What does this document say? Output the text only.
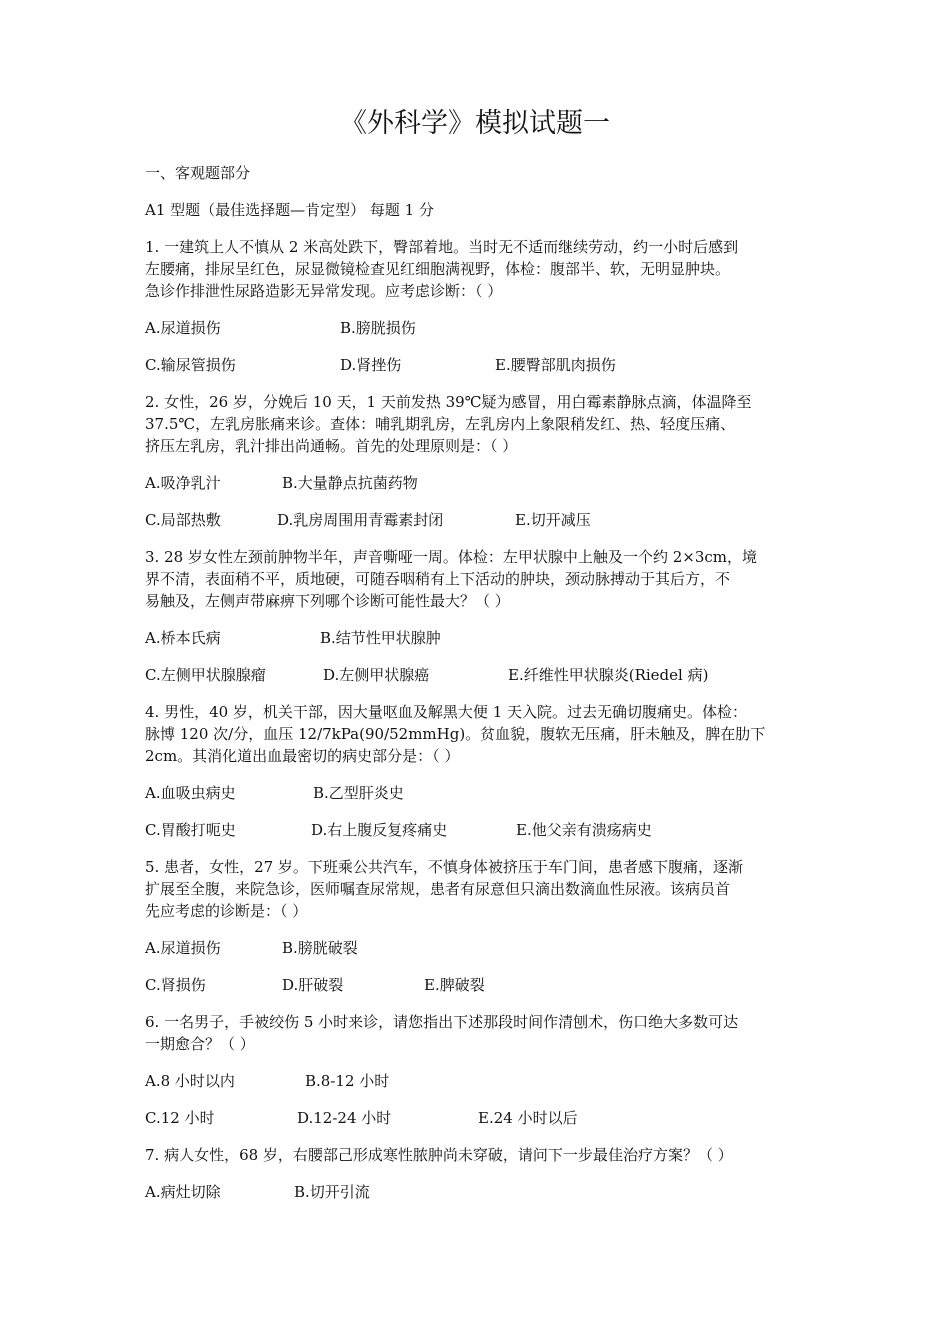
《外科学》模拟试题一

一、客观题部分

A1 型题（最佳选择题—肯定型） 每题 1 分

1. 一建筑上人不慎从 2 米高处跌下，臀部着地。当时无不适而继续劳动，约一小时后感到
左腰痛，排尿呈红色，尿显微镜检查见红细胞满视野，体检：腹部半、软，无明显肿块。
急诊作排泄性尿路造影无异常发现。应考虑诊断：（ ）
A.尿道损伤	B.膀胱损伤
C.输尿管损伤	D.肾挫伤	E.腰臀部肌肉损伤
2. 女性，26 岁，分娩后 10 天，1 天前发热 39℃疑为感冒，用白霉素静脉点滴，体温降至
37.5℃，左乳房胀痛来诊。查体：哺乳期乳房，左乳房内上象限稍发红、热、轻度压痛、
挤压左乳房，乳汁排出尚通畅。首先的处理原则是：（ ）
A.吸净乳汁	B.大量静点抗菌药物
C.局部热敷	D.乳房周围用青霉素封闭	E.切开减压
3. 28 岁女性左颈前肿物半年，声音嘶哑一周。体检：左甲状腺中上触及一个约 2×3cm，境
界不清，表面稍不平，质地硬，可随吞咽稍有上下活动的肿块，颈动脉搏动于其后方，不
易触及，左侧声带麻痹下列哪个诊断可能性最大？（ ）
A.桥本氏病	B.结节性甲状腺肿
C.左侧甲状腺腺瘤	D.左侧甲状腺癌	E.纤维性甲状腺炎(Riedel 病)
4. 男性，40 岁，机关干部，因大量呕血及解黑大便 1 天入院。过去无确切腹痛史。体检：
脉博 120 次/分，血压 12/7kPa(90/52mmHg)。贫血貌，腹软无压痛，肝未触及，脾在肋下
2cm。其消化道出血最密切的病史部分是：（ ）
A.血吸虫病史	B.乙型肝炎史
C.胃酸打呃史	D.右上腹反复疼痛史	E.他父亲有溃疡病史
5. 患者，女性，27 岁。下班乘公共汽车，不慎身体被挤压于车门间，患者感下腹痛，逐渐
扩展至全腹，来院急诊，医师嘱查尿常规，患者有尿意但只滴出数滴血性尿液。该病员首
先应考虑的诊断是：（ ）
A.尿道损伤	B.膀胱破裂
C.肾损伤	D.肝破裂	E.脾破裂
6. 一名男子，手被绞伤 5 小时来诊，请您指出下述那段时间作清刨术，伤口绝大多数可达
一期愈合？（ ）
A.8 小时以内	B.8-12 小时
C.12 小时	D.12-24 小时	E.24 小时以后
7. 病人女性，68 岁，右腰部己形成寒性脓肿尚未穿破，请问下一步最佳治疗方案？（ ）
A.病灶切除	B.切开引流
